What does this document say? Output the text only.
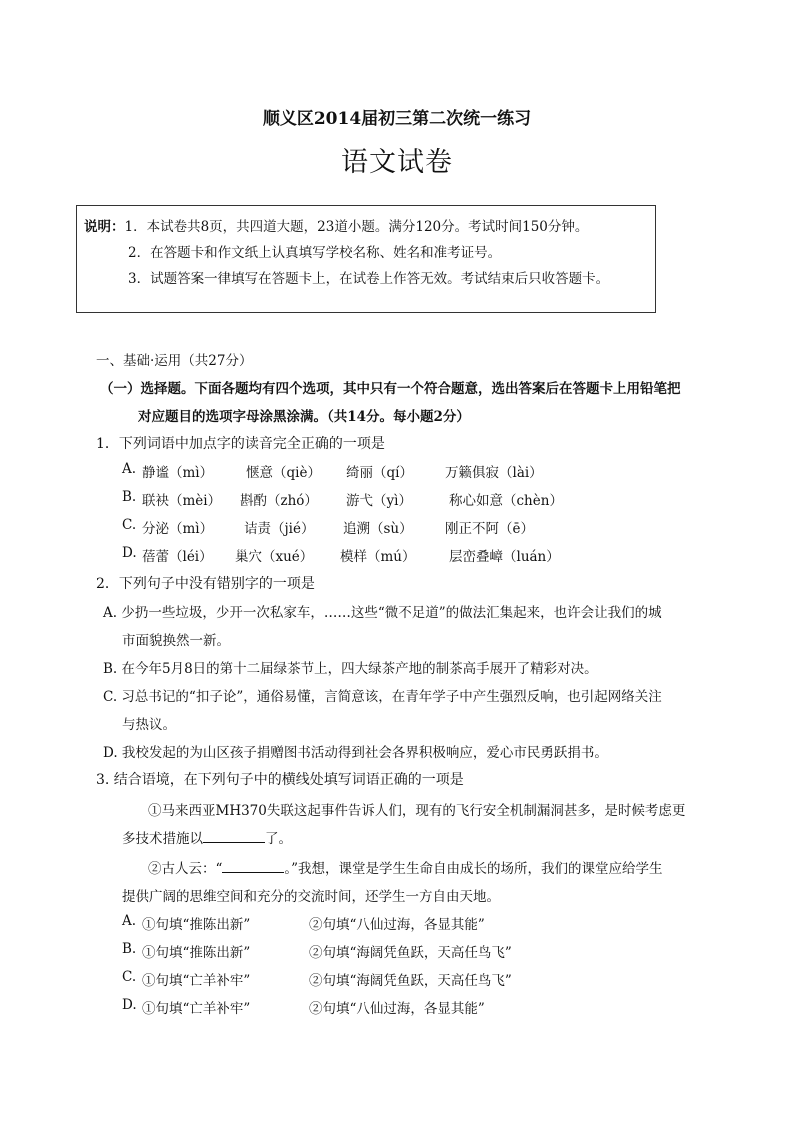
顺义区2014届初三第二次统一练习
语文试卷
说明：1．本试卷共8页，共四道大题，23道小题。满分120分。考试时间150分钟。
2．在答题卡和作文纸上认真填写学校名称、姓名和准考证号。
3．试题答案一律填写在答题卡上，在试卷上作答无效。考试结束后只收答题卡。
一、基础·运用（共27分）
（一）选择题。下面各题均有四个选项，其中只有一个符合题意，选出答案后在答题卡上用铅笔把
对应题目的选项字母涂黑涂满。（共14分。每小题2分）
1．下列词语中加点字的读音完全正确的一项是
A. 静谧（mì） 惬意（qiè） 绮丽（qí） 万籁俱寂（lài）
B. 联袂（mèi） 斟酌（zhó） 游弋（yì）	称心如意（chèn）
C. 分泌（mì） 诘责（jié） 追溯（sù） 刚正不阿（ē）
D. 蓓蕾（léi） 巢穴（xué） 模样（mú） 层峦叠嶂（luán）
2．下列句子中没有错别字的一项是
A. 少扔一些垃圾，少开一次私家车，……这些“微不足道”的做法汇集起来，也许会让我们的城
市面貌换然一新。
B. 在今年5月8日的第十二届绿茶节上，四大绿茶产地的制茶高手展开了精彩对决。
C. 习总书记的“扣子论”，通俗易懂，言简意该，在青年学子中产生强烈反响，也引起网络关注
与热议。
D. 我校发起的为山区孩子捐赠图书活动得到社会各界积极响应，爱心市民勇跃捐书。
3. 结合语境，在下列句子中的横线处填写词语正确的一项是
①马来西亚MH370失联这起事件告诉人们，现有的飞行安全机制漏洞甚多，是时候考虑更
多技术措施以	了。
②古人云：“	。”我想，课堂是学生生命自由成长的场所，我们的课堂应给学生
提供广阔的思维空间和充分的交流时间，还学生一方自由天地。
A. ①句填“推陈出新”	②句填“八仙过海，各显其能”
B. ①句填“推陈出新”	②句填“海阔凭鱼跃，天高任鸟飞”
C. ①句填“亡羊补牢”	②句填“海阔凭鱼跃，天高任鸟飞”
D. ①句填“亡羊补牢”	②句填“八仙过海，各显其能”
